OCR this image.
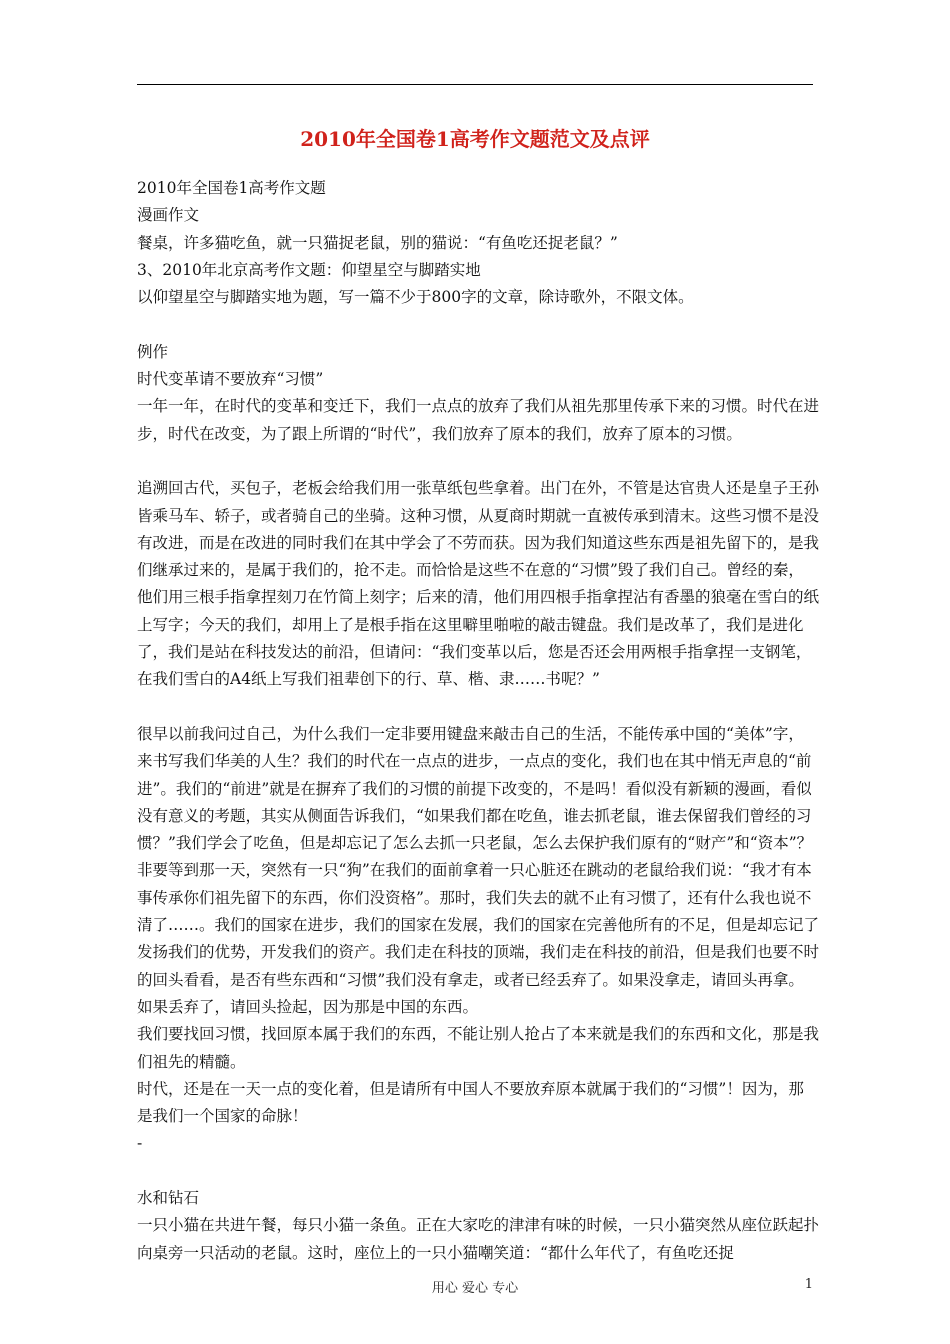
2010年全国卷1高考作文题范文及点评

2010年全国卷1高考作文题

漫画作文

餐桌，许多猫吃鱼，就一只猫捉老鼠，别的猫说：“有鱼吃还捉老鼠？”

3、2010年北京高考作文题：仰望星空与脚踏实地

以仰望星空与脚踏实地为题，写一篇不少于800字的文章，除诗歌外，不限文体。

例作

时代变革请不要放弃“习惯”

一年一年，在时代的变革和变迁下，我们一点点的放弃了我们从祖先那里传承下来的习惯。时代在进步，时代在改变，为了跟上所谓的“时代”，我们放弃了原本的我们，放弃了原本的习惯。

追溯回古代，买包子，老板会给我们用一张草纸包些拿着。出门在外，不管是达官贵人还是皇子王孙皆乘马车、轿子，或者骑自己的坐骑。这种习惯，从夏商时期就一直被传承到清末。这些习惯不是没有改进，而是在改进的同时我们在其中学会了不劳而获。因为我们知道这些东西是祖先留下的，是我们继承过来的，是属于我们的，抢不走。而恰恰是这些不在意的“习惯”毁了我们自己。曾经的秦，他们用三根手指拿捏刻刀在竹简上刻字；后来的清，他们用四根手指拿捏沾有香墨的狼毫在雪白的纸上写字；今天的我们，却用上了是根手指在这里噼里啪啦的敲击键盘。我们是改革了，我们是进化了，我们是站在科技发达的前沿，但请问：“我们变革以后，您是否还会用两根手指拿捏一支钢笔，在我们雪白的A4纸上写我们祖辈创下的行、草、楷、隶……书呢？”

很早以前我问过自己，为什么我们一定非要用键盘来敲击自己的生活，不能传承中国的“美体”字，来书写我们华美的人生？我们的时代在一点点的进步，一点点的变化，我们也在其中悄无声息的“前进”。我们的“前进”就是在摒弃了我们的习惯的前提下改变的，不是吗！看似没有新颖的漫画，看似没有意义的考题，其实从侧面告诉我们，“如果我们都在吃鱼，谁去抓老鼠，谁去保留我们曾经的习惯？”我们学会了吃鱼，但是却忘记了怎么去抓一只老鼠，怎么去保护我们原有的“财产”和“资本”？非要等到那一天，突然有一只“狗”在我们的面前拿着一只心脏还在跳动的老鼠给我们说：“我才有本事传承你们祖先留下的东西，你们没资格”。那时，我们失去的就不止有习惯了，还有什么我也说不清了……。我们的国家在进步，我们的国家在发展，我们的国家在完善他所有的不足，但是却忘记了发扬我们的优势，开发我们的资产。我们走在科技的顶端，我们走在科技的前沿，但是我们也要不时的回头看看，是否有些东西和“习惯”我们没有拿走，或者已经丢弃了。如果没拿走，请回头再拿。如果丢弃了，请回头捡起，因为那是中国的东西。

我们要找回习惯，找回原本属于我们的东西，不能让别人抢占了本来就是我们的东西和文化，那是我们祖先的精髓。

时代，还是在一天一点的变化着，但是请所有中国人不要放弃原本就属于我们的“习惯”！因为，那是我们一个国家的命脉！

-

水和钻石

一只小猫在共进午餐，每只小猫一条鱼。正在大家吃的津津有味的时候，一只小猫突然从座位跃起扑向桌旁一只活动的老鼠。这时，座位上的一只小猫嘲笑道：“都什么年代了，有鱼吃还捉

用心 爱心 专心	1
